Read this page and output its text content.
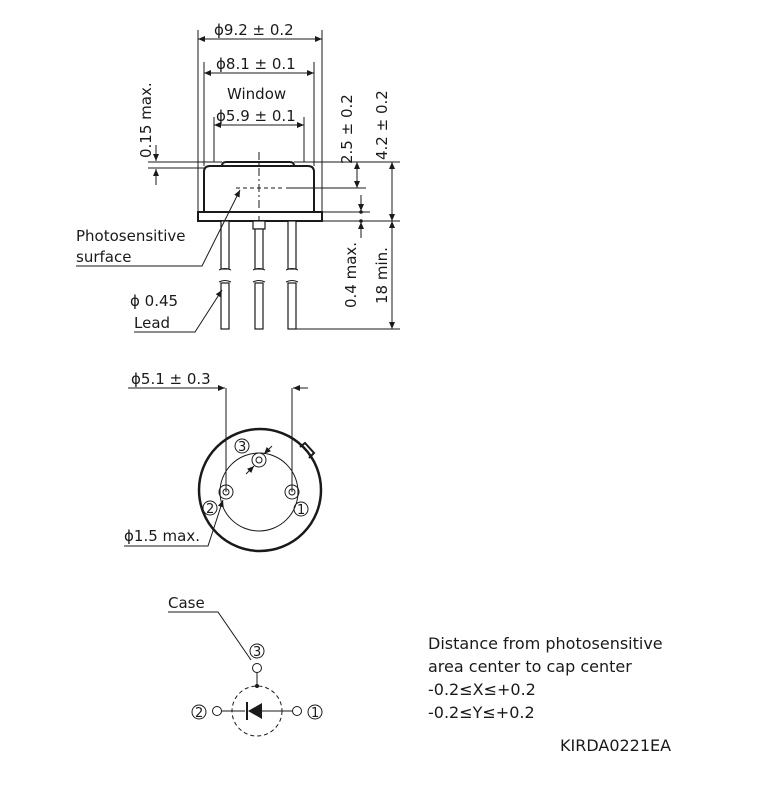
ϕ9.2 ± 0.2
ϕ8.1 ± 0.1
Window
ϕ5.9 ± 0.1
0.15 max.	2.5 ± 0.2 4.2 ± 0.2
0.4 max. 18 min.
Photosensitive
surface
ϕ 0.45
Lead
ϕ5.1 ± 0.3
3
2	1
ϕ1.5 max.
Case
3
2	1
Distance from photosensitive
area center to cap center
-0.2≤X≤+0.2
-0.2≤Y≤+0.2
KIRDA0221EA
